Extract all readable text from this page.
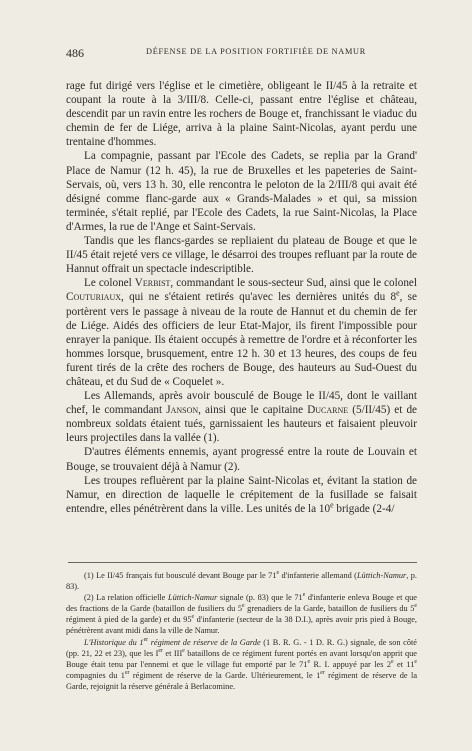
486	DÉFENSE DE LA POSITION FORTIFIÉE DE NAMUR

rage fut dirigé vers l'église et le cimetière, obligeant le II/45 à la retraite et coupant la route à la 3/III/8. Celle-ci, passant entre l'église et château, descendit par un ravin entre les rochers de Bouge et, franchissant le viaduc du chemin de fer de Liége, arriva à la plaine Saint-Nicolas, ayant perdu une trentaine d'hommes.

La compagnie, passant par l'Ecole des Cadets, se replia par la Grand' Place de Namur (12 h. 45), la rue de Bruxelles et les papeteries de Saint-Servais, où, vers 13 h. 30, elle rencontra le peloton de la 2/III/8 qui avait été désigné comme flanc-garde aux « Grands-Malades » et qui, sa mission terminée, s'était replié, par l'Ecole des Cadets, la rue Saint-Nicolas, la Place d'Armes, la rue de l'Ange et Saint-Servais.

Tandis que les flancs-gardes se repliaient du plateau de Bouge et que le II/45 était rejeté vers ce village, le désarroi des troupes refluant par la route de Hannut offrait un spectacle indescriptible.

Le colonel Verbist, commandant le sous-secteur Sud, ainsi que le colonel Couturiaux, qui ne s'étaient retirés qu'avec les dernières unités du 8e, se portèrent vers le passage à niveau de la route de Hannut et du chemin de fer de Liége. Aidés des officiers de leur Etat-Major, ils firent l'impossible pour enrayer la panique. Ils étaient occupés à remettre de l'ordre et à réconforter les hommes lorsque, brusquement, entre 12 h. 30 et 13 heures, des coups de feu furent tirés de la crête des rochers de Bouge, des hauteurs au Sud-Ouest du château, et du Sud de « Coquelet ».

Les Allemands, après avoir bousculé de Bouge le II/45, dont le vaillant chef, le commandant Janson, ainsi que le capitaine Ducarne (5/II/45) et de nombreux soldats étaient tués, garnissaient les hauteurs et faisaient pleuvoir leurs projectiles dans la vallée (1).

D'autres éléments ennemis, ayant progressé entre la route de Louvain et Bouge, se trouvaient déjà à Namur (2).

Les troupes refluèrent par la plaine Saint-Nicolas et, évitant la station de Namur, en direction de laquelle le crépitement de la fusillade se faisait entendre, elles pénétrèrent dans la ville. Les unités de la 10e brigade (2-4/

(1) Le II/45 français fut bousculé devant Bouge par le 71e d'infanterie allemand (Lüttich-Namur, p. 83).

(2) La relation officielle Lüttich-Namur signale (p. 83) que le 71e d'infanterie enleva Bouge et que des fractions de la Garde (bataillon de fusiliers du 5e grenadiers de la Garde, bataillon de fusiliers du 5e régiment à pied de la garde) et du 95e d'infanterie (secteur de la 38 D.I.), après avoir pris pied à Bouge, pénétrèrent avant midi dans la ville de Namur.

L'Historique du 1er régiment de réserve de la Garde (1 B. R. G. - 1 D. R. G.) signale, de son côté (pp. 21, 22 et 23), que les Ier et IIIe bataillons de ce régiment furent portés en avant lorsqu'on apprit que Bouge était tenu par l'ennemi et que le village fut emporté par le 71e R. I. appuyé par les 2e et 11e compagnies du 1er régiment de réserve de la Garde. Ultérieurement, le 1er régiment de réserve de la Garde, rejoignit la réserve générale à Berlacomine.
